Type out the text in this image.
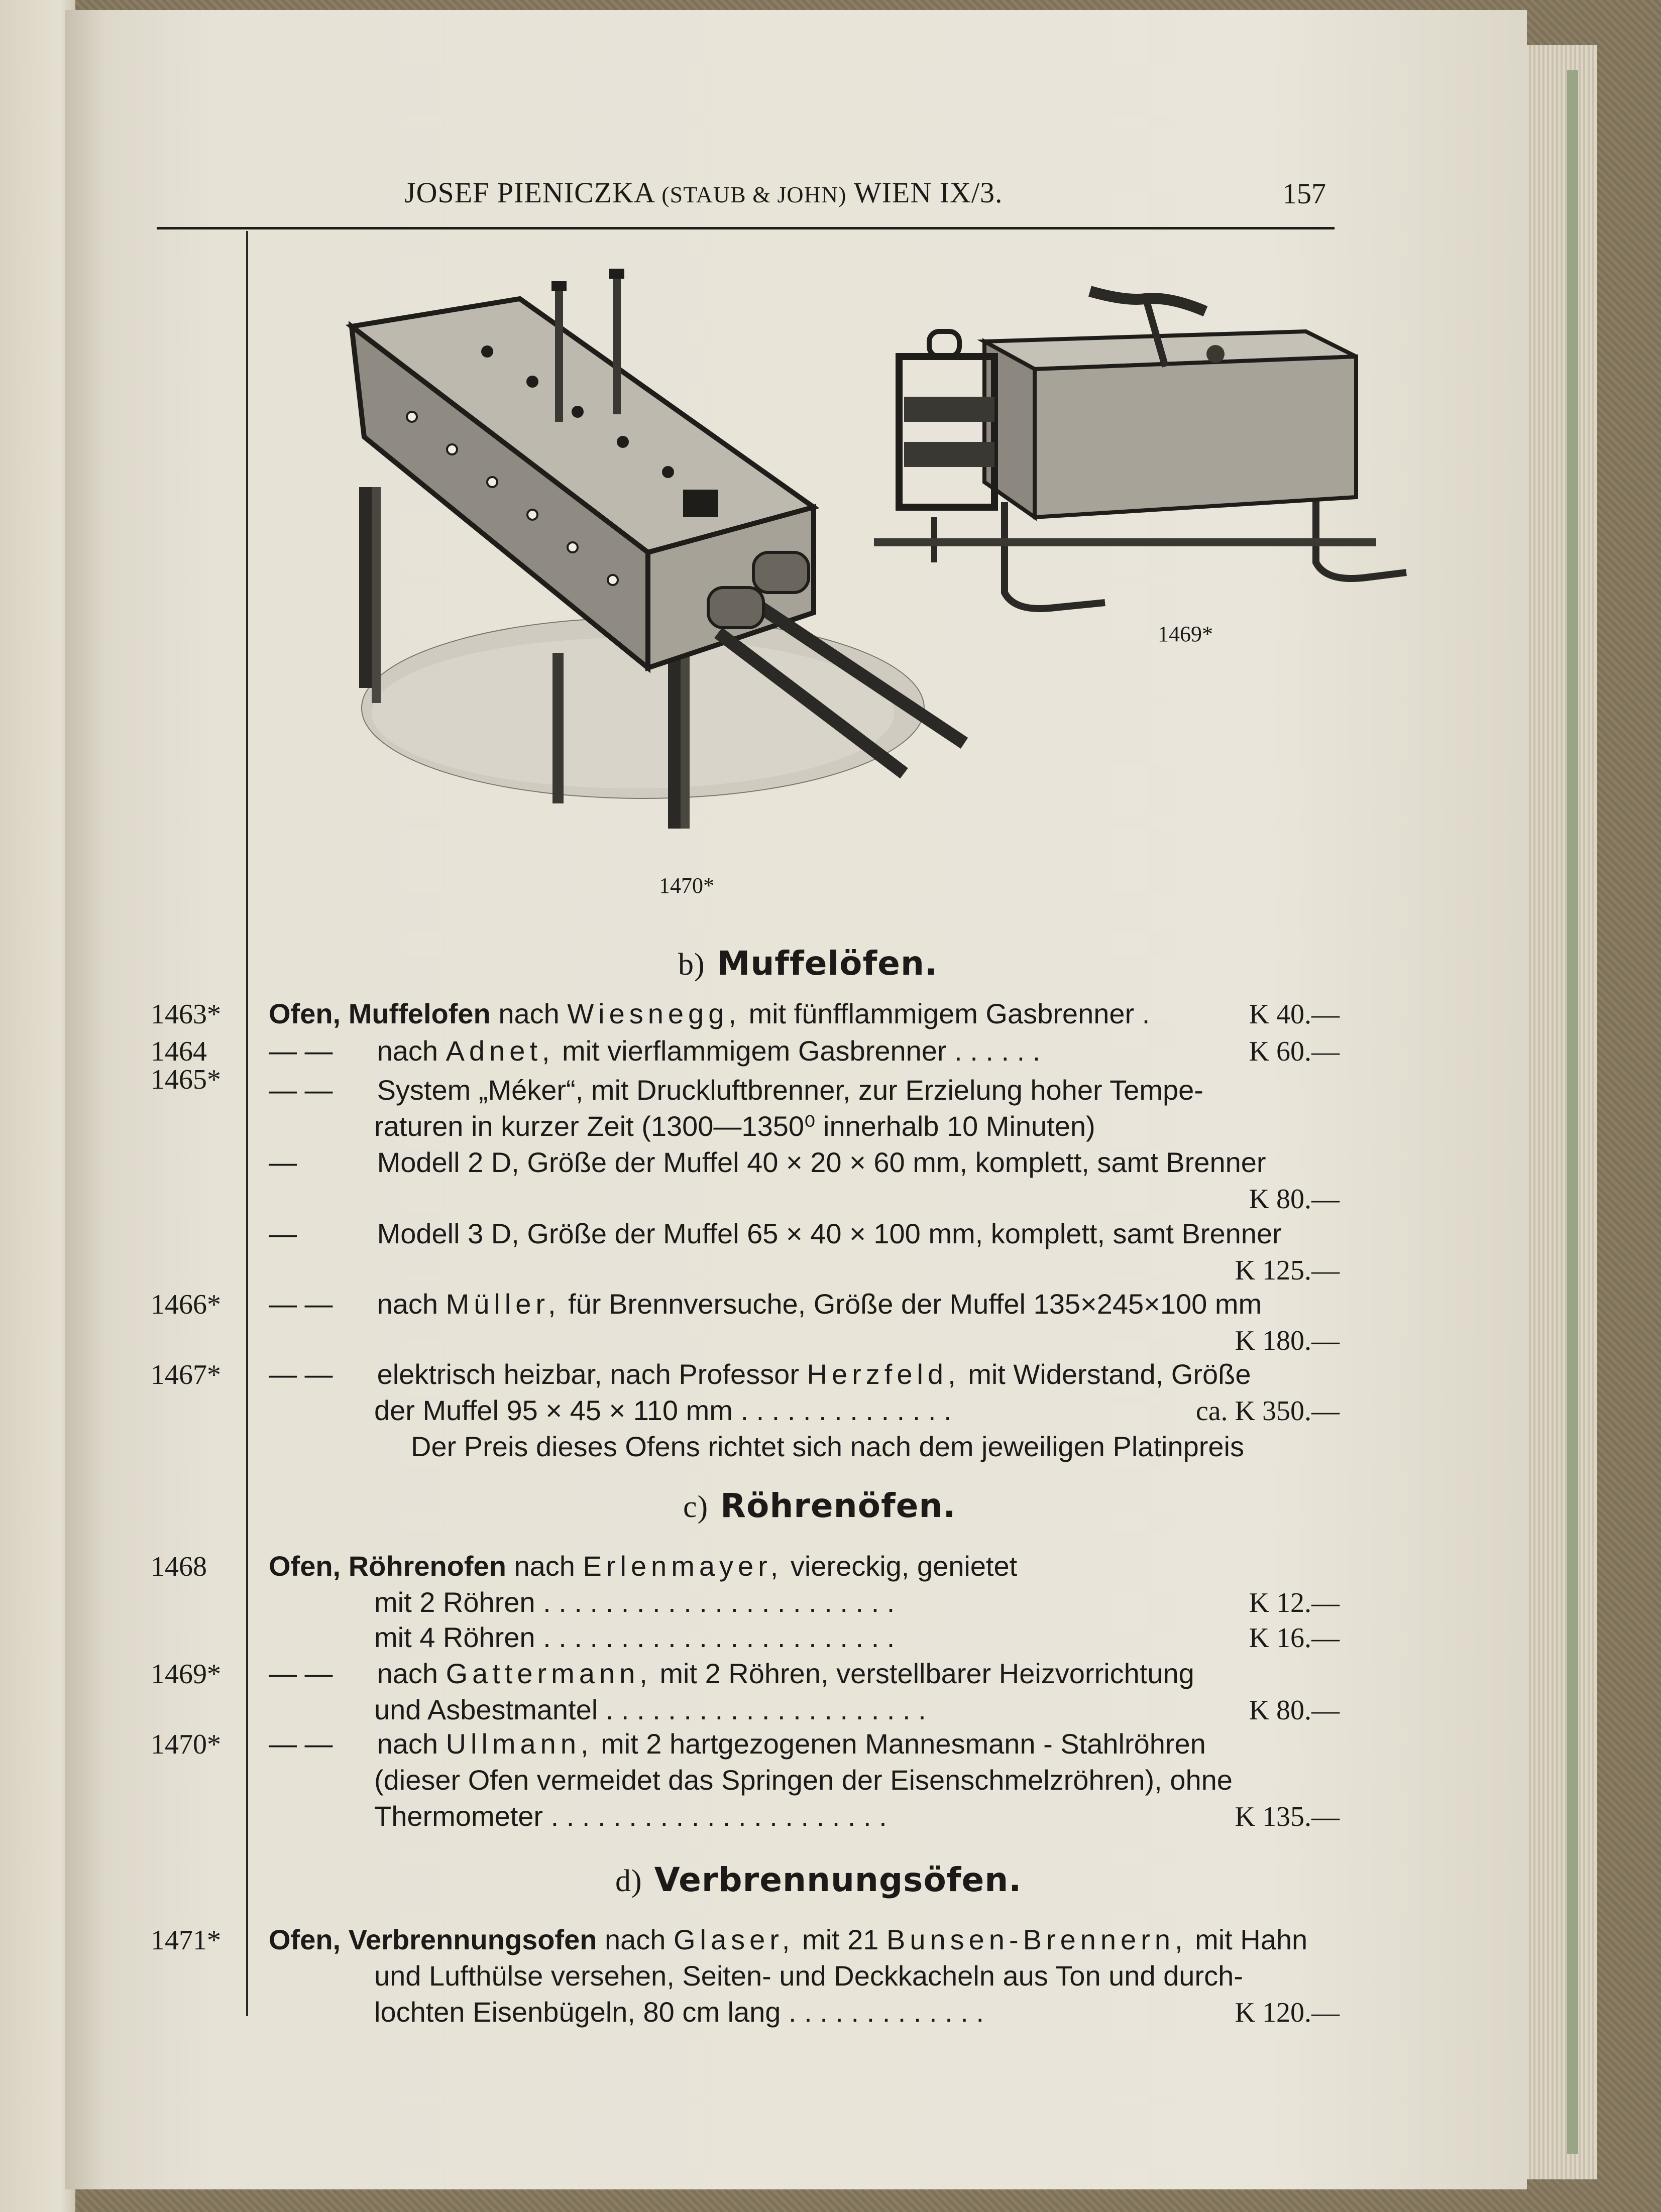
JOSEF PIENICZKA (STAUB & JOHN) WIEN IX/3.	157
1470*
1469*
b) Muffelöfen.
1463*	Ofen, Muffelofen nach Wiesnegg, mit fünfflammigem Gasbrenner .	K 40.—
1464	— — nach Adnet, mit vierflammigem Gasbrenner . . . . . .	K 60.—
1465*	— — System „Méker“, mit Druckluftbrenner, zur Erzielung hoher Tempe-
raturen in kurzer Zeit (1300—1350⁰ innerhalb 10 Minuten)
—	Modell 2 D, Größe der Muffel 40 × 20 × 60 mm, komplett, samt Brenner
K 80.—
—	Modell 3 D, Größe der Muffel 65 × 40 × 100 mm, komplett, samt Brenner
K 125.—
1466*	— — nach Müller, für Brennversuche, Größe der Muffel 135×245×100 mm
K 180.—
1467*	— — elektrisch heizbar, nach Professor Herzfeld, mit Widerstand, Größe
der Muffel 95 × 45 × 110 mm . . . . . . . . . . . . . .	ca. K 350.—
Der Preis dieses Ofens richtet sich nach dem jeweiligen Platinpreis
c) Röhrenöfen.
1468	Ofen, Röhrenofen nach Erlenmayer, viereckig, genietet
mit 2 Röhren . . . . . . . . . . . . . . . . . . . . . . .	K 12.—
mit 4 Röhren . . . . . . . . . . . . . . . . . . . . . . .	K 16.—
1469*	— — nach Gattermann, mit 2 Röhren, verstellbarer Heizvorrichtung
und Asbestmantel . . . . . . . . . . . . . . . . . . . . .	K 80.—
1470*	— — nach Ullmann, mit 2 hartgezogenen Mannesmann - Stahlröhren
(dieser Ofen vermeidet das Springen der Eisenschmelzröhren), ohne
Thermometer . . . . . . . . . . . . . . . . . . . . . .	K 135.—
d) Verbrennungsöfen.
1471*	Ofen, Verbrennungsofen nach Glaser, mit 21 Bunsen-Brennern, mit Hahn
und Lufthülse versehen, Seiten- und Deckkacheln aus Ton und durch-
lochten Eisenbügeln, 80 cm lang . . . . . . . . . . . . .	K 120.—
